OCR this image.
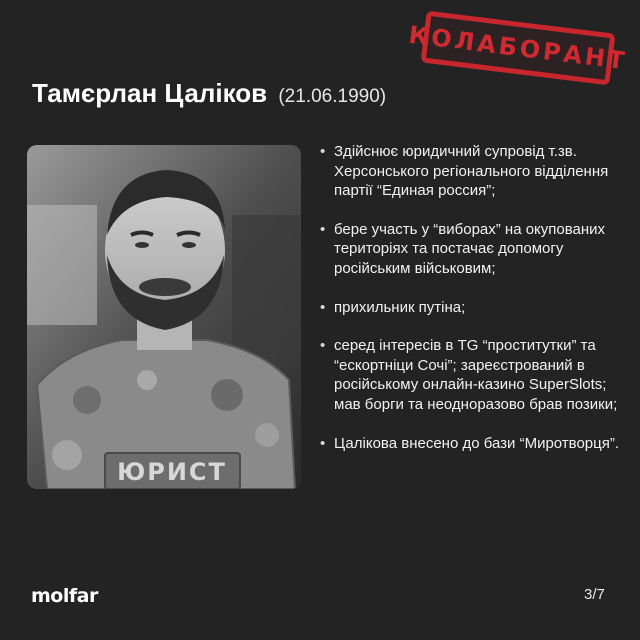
КОЛАБОРАНТ
Тамєрлан Цаліков (21.06.1990)
ЮРИСТ
• Здійснює юридичний супровід т.зв. Херсонського регіонального відділення партії “Единая россия”;
• бере участь у “виборах” на окупованих територіях та постачає допомогу російським військовим;
• прихильник путіна;
• серед інтересів в TG “проститутки” та “ескортніци Сочі”; зареєстрований в російському онлайн-казино SuperSlots; мав борги та неодноразово брав позики;
• Цалікова внесено до бази “Миротворця”.
molfar	3/7
